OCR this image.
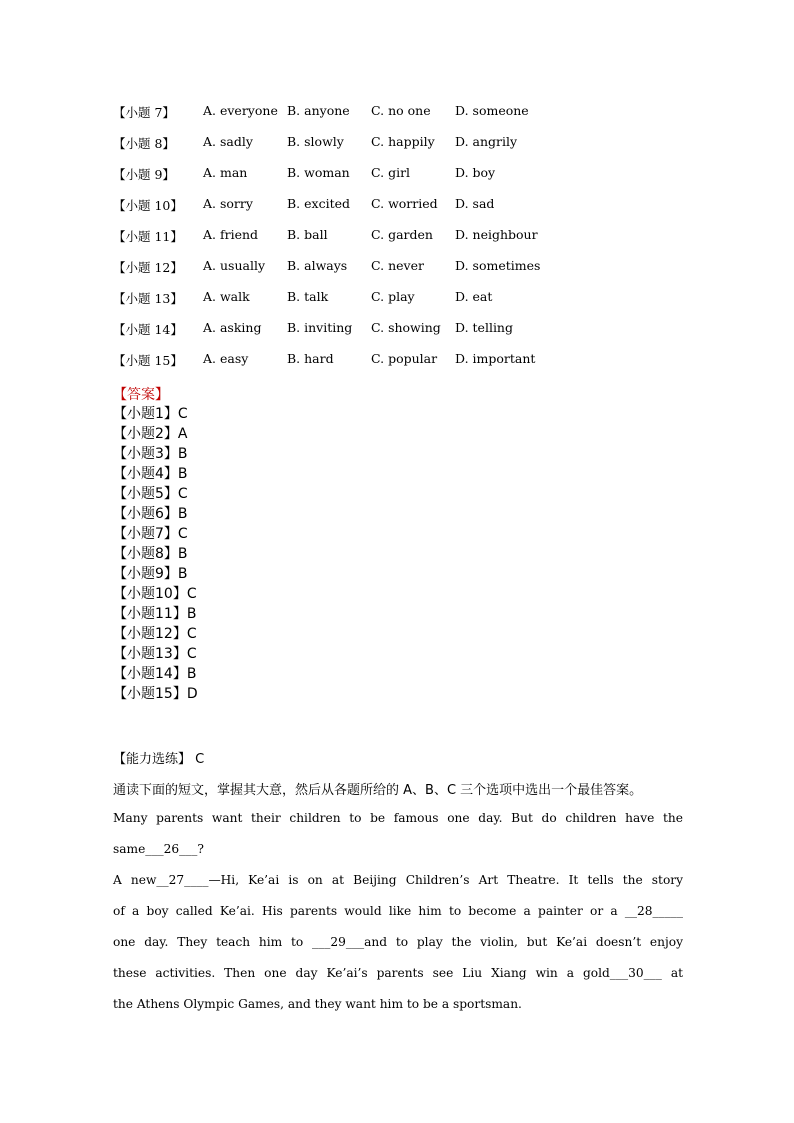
【小题 7】 A. everyone B. anyone C. no one D. someone
【小题 8】 A. sadly	B. slowly C. happily D. angrily
【小题 9】 A. man	B. woman C. girl	D. boy
【小题 10】 A. sorry	B. excited C. worried D. sad
【小题 11】 A. friend B. ball	C. garden D. neighbour
【小题 12】 A. usually B. always C. never D. sometimes
【小题 13】 A. walk	B. talk	C. play	D. eat
【小题 14】 A. asking B. inviting C. showing D. telling
【小题 15】 A. easy	B. hard	C. popular D. important
【答案】
【小题1】C
【小题2】A
【小题3】B
【小题4】B
【小题5】C
【小题6】B
【小题7】C
【小题8】B
【小题9】B
【小题10】C
【小题11】B
【小题12】C
【小题13】C
【小题14】B
【小题15】D
【能力选练】 C
通读下面的短文，掌握其大意，然后从各题所给的 A、B、C 三个选项中选出一个最佳答案。
Many parents want their children to be famous one day. But do children have the
same___26___?
A new__27____—Hi, Ke’ai is on at Beijing Children’s Art Theatre. It tells the story
of a boy called Ke’ai. His parents would like him to become a painter or a __28_____
one day. They teach him to ___29___and to play the violin, but Ke’ai doesn’t enjoy
these activities. Then one day Ke’ai’s parents see Liu Xiang win a gold___30___ at
the Athens Olympic Games, and they want him to be a sportsman.
